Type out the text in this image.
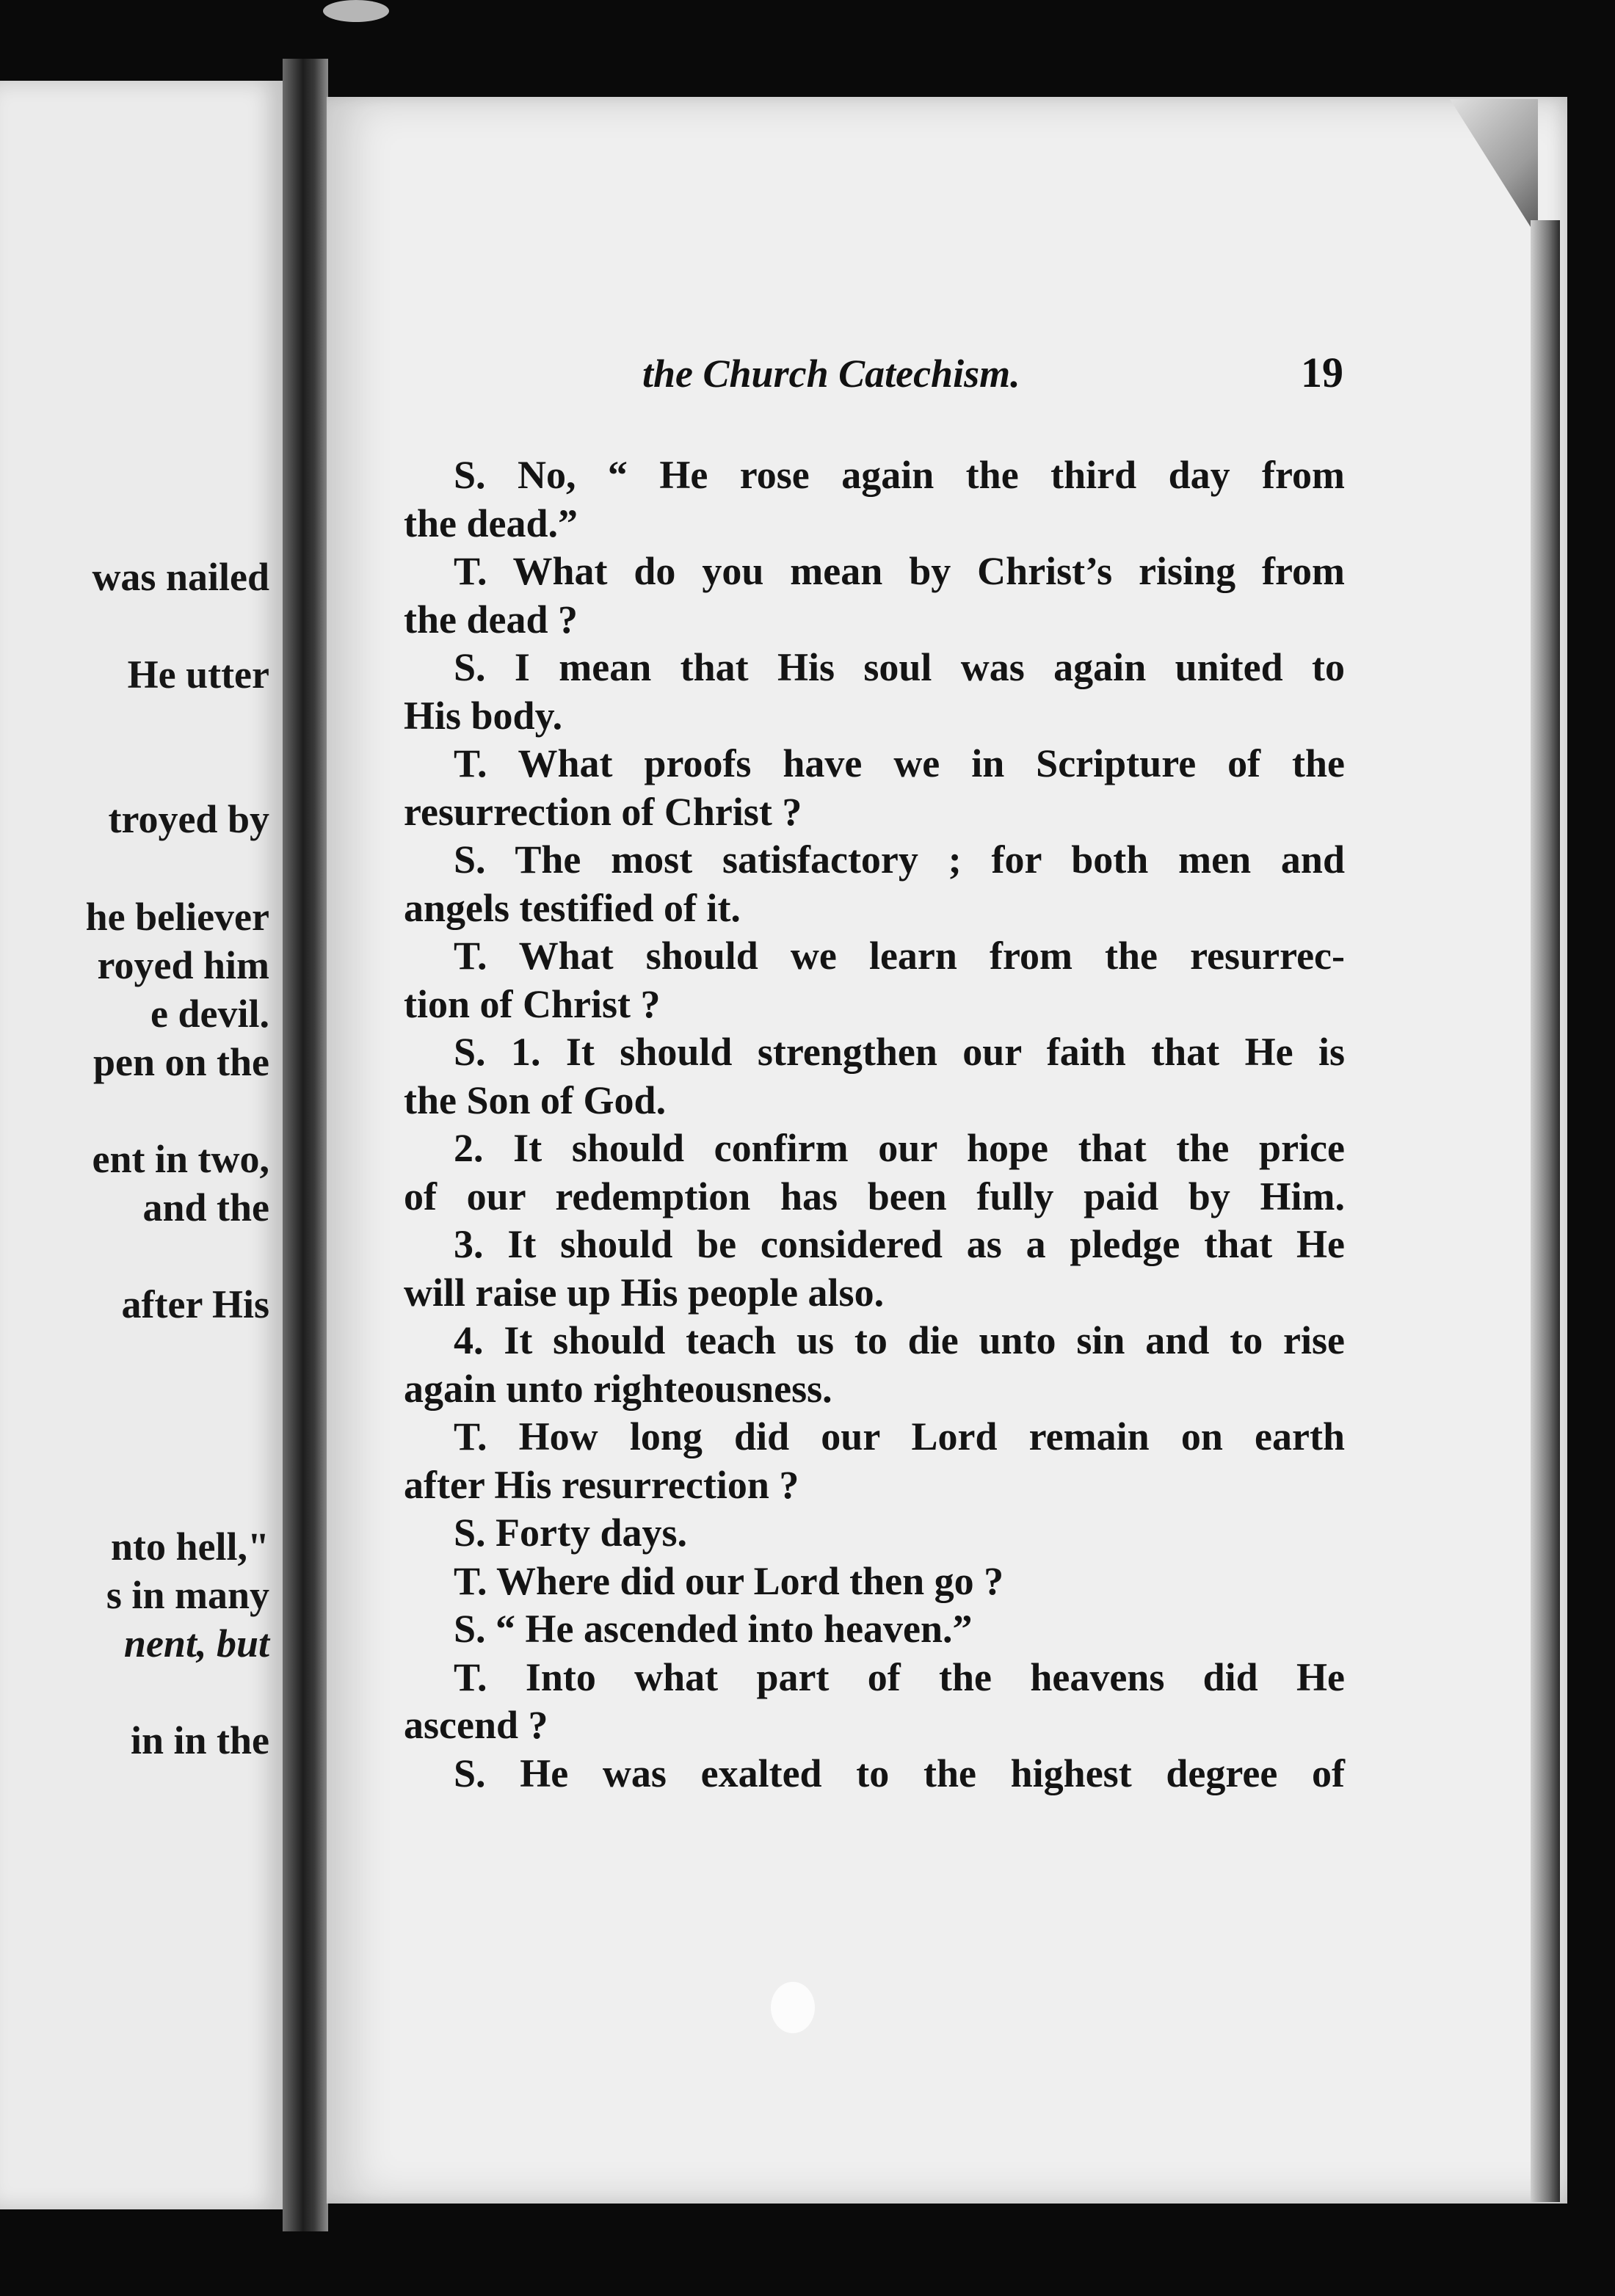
was nailed
He utter
troyed by
he believer
royed him
e devil.
pen on the
ent in two,
and the
after His
nto hell,"
s in many
nent, but
in in the
the Church Catechism.	19
S. No, “ He rose again the third day from
the dead.”
T. What do you mean by Christ’s rising from
the dead ?
S. I mean that His soul was again united to
His body.
T. What proofs have we in Scripture of the
resurrection of Christ ?
S. The most satisfactory ; for both men and
angels testified of it.
T. What should we learn from the resurrec-
tion of Christ ?
S. 1. It should strengthen our faith that He is
the Son of God.
2. It should confirm our hope that the price
of our redemption has been fully paid by Him.
3. It should be considered as a pledge that He
will raise up His people also.
4. It should teach us to die unto sin and to rise
again unto righteousness.
T. How long did our Lord remain on earth
after His resurrection ?
S. Forty days.
T. Where did our Lord then go ?
S. “ He ascended into heaven.”
T. Into what part of the heavens did He
ascend ?
S. He was exalted to the highest degree of
